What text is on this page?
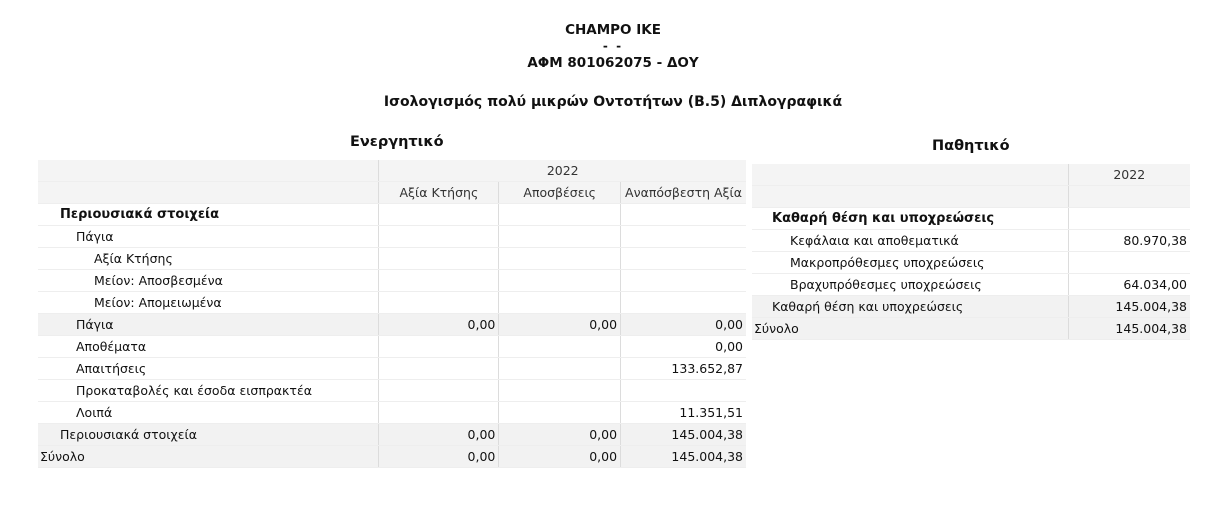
CHAMPO IKE
- -
ΑΦΜ 801062075 - ΔΟΥ
Ισολογισμός πολύ μικρών Οντοτήτων (Β.5) Διπλογραφικά
Ενεργητικό	Παθητικό
	2022		
	Αξία Κτήσης	Αποσβέσεις	Αναπόσβεστη Αξία
Περιουσιακά στοιχεία			
Πάγια			
Αξία Κτήσης			
Μείον: Αποσβεσμένα			
Μείον: Απομειωμένα			
Πάγια	0,00	0,00	0,00
Αποθέματα			0,00
Απαιτήσεις			133.652,87
Προκαταβολές και έσοδα εισπρακτέα			
Λοιπά			11.351,51
Περιουσιακά στοιχεία	0,00	0,00	145.004,38
Σύνολο	0,00	0,00	145.004,38
	2022

Καθαρή θέση και υποχρεώσεις	
Κεφάλαια και αποθεματικά	80.970,38
Μακροπρόθεσμες υποχρεώσεις	
Βραχυπρόθεσμες υποχρεώσεις	64.034,00
Καθαρή θέση και υποχρεώσεις	145.004,38
Σύνολο	145.004,38
